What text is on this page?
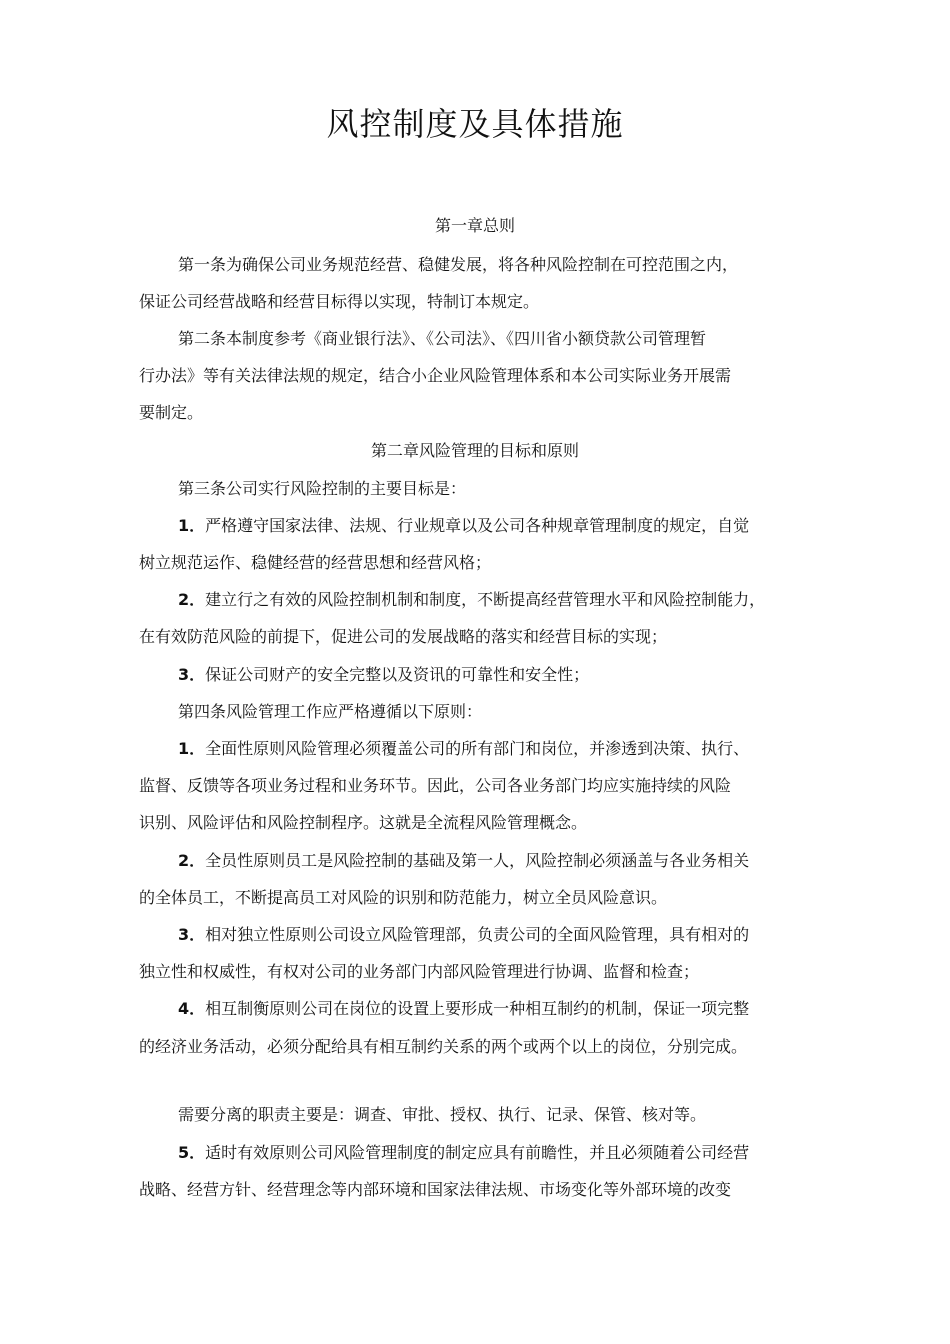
风控制度及具体措施
第一章总则
第一条为确保公司业务规范经营、稳健发展，将各种风险控制在可控范围之内，
保证公司经营战略和经营目标得以实现，特制订本规定。
第二条本制度参考《商业银行法》、《公司法》、《四川省小额贷款公司管理暂
行办法》等有关法律法规的规定，结合小企业风险管理体系和本公司实际业务开展需
要制定。
第二章风险管理的目标和原则
第三条公司实行风险控制的主要目标是：
1．严格遵守国家法律、法规、行业规章以及公司各种规章管理制度的规定，自觉
树立规范运作、稳健经营的经营思想和经营风格；
2．建立行之有效的风险控制机制和制度，不断提高经营管理水平和风险控制能力，
在有效防范风险的前提下，促进公司的发展战略的落实和经营目标的实现；
3．保证公司财产的安全完整以及资讯的可靠性和安全性；
第四条风险管理工作应严格遵循以下原则：
1．全面性原则风险管理必须覆盖公司的所有部门和岗位，并渗透到决策、执行、
监督、反馈等各项业务过程和业务环节。因此，公司各业务部门均应实施持续的风险
识别、风险评估和风险控制程序。这就是全流程风险管理概念。
2．全员性原则员工是风险控制的基础及第一人，风险控制必须涵盖与各业务相关
的全体员工，不断提高员工对风险的识别和防范能力，树立全员风险意识。
3．相对独立性原则公司设立风险管理部，负责公司的全面风险管理，具有相对的
独立性和权威性，有权对公司的业务部门内部风险管理进行协调、监督和检查；
4．相互制衡原则公司在岗位的设置上要形成一种相互制约的机制，保证一项完整
的经济业务活动，必须分配给具有相互制约关系的两个或两个以上的岗位，分别完成。
需要分离的职责主要是：调查、审批、授权、执行、记录、保管、核对等。
5．适时有效原则公司风险管理制度的制定应具有前瞻性，并且必须随着公司经营
战略、经营方针、经营理念等内部环境和国家法律法规、市场变化等外部环境的改变
